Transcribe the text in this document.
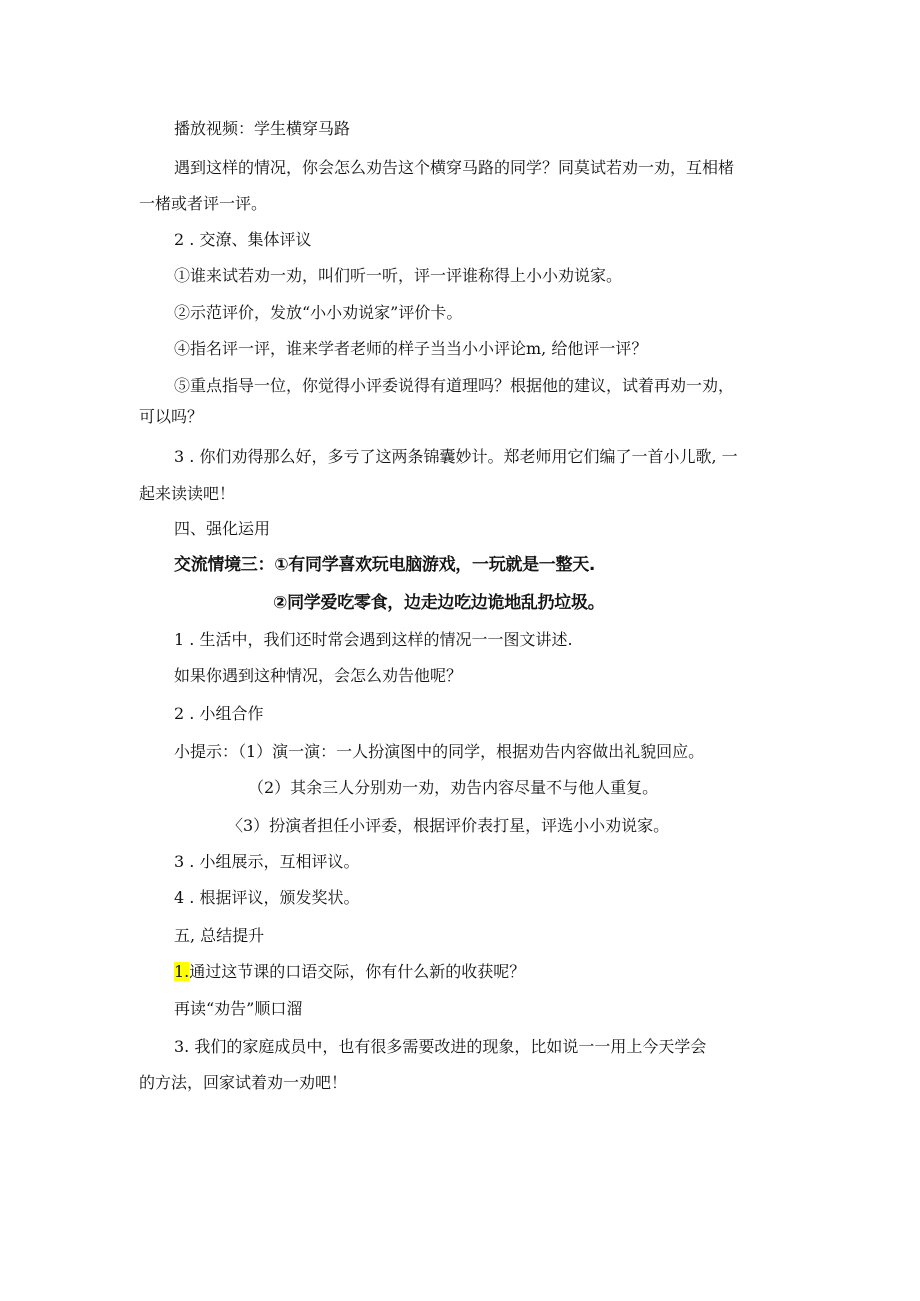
播放视频：学生横穿马路

遇到这样的情况，你会怎么劝告这个横穿马路的同学？同莫试若劝一劝，互相楮

一楮或者评一评。

2 . 交潦、集体评议

①谁来试若劝一劝，叫们听一听，评一评谁称得上小小劝说家。

②示范评价，发放“小小劝说家”评价卡。

④指名评一评，谁来学者老师的样子当当小小评论m, 给他评一评？

⑤重点指导一位，你觉得小评委说得有道理吗？根据他的建议，试着再劝一劝，

可以吗？

3 . 你们劝得那么好，多亏了这两条锦囊妙计。郑老师用它们编了一首小儿歌, 一

起来读读吧！

四、强化运用

交流情境三：①有同学喜欢玩电脑游戏，一玩就是一整天.

②同学爱吃零食，边走边吃边诡地乱扔垃圾。

1 . 生活中，我们还时常会遇到这样的情况一一图文讲述.

如果你遇到这种情况，会怎么劝告他呢？

2 . 小组合作

小提示：（1）演一演：一人扮演图中的同学，根据劝告内容做出礼貌回应。

（2）其余三人分别劝一劝，劝告内容尽量不与他人重复。

〈3）扮演者担任小评委，根据评价表打星，评选小小劝说家。

3 . 小组展示，互相评议。

4 . 根据评议，颁发奖状。

五, 总结提升

1.通过这节课的口语交际，你有什么新的收获呢？

再读“劝告”顺口溜

3. 我们的家庭成员中，也有很多需要改进的现象，比如说一一用上今天学会

的方法，回家试着劝一劝吧！
